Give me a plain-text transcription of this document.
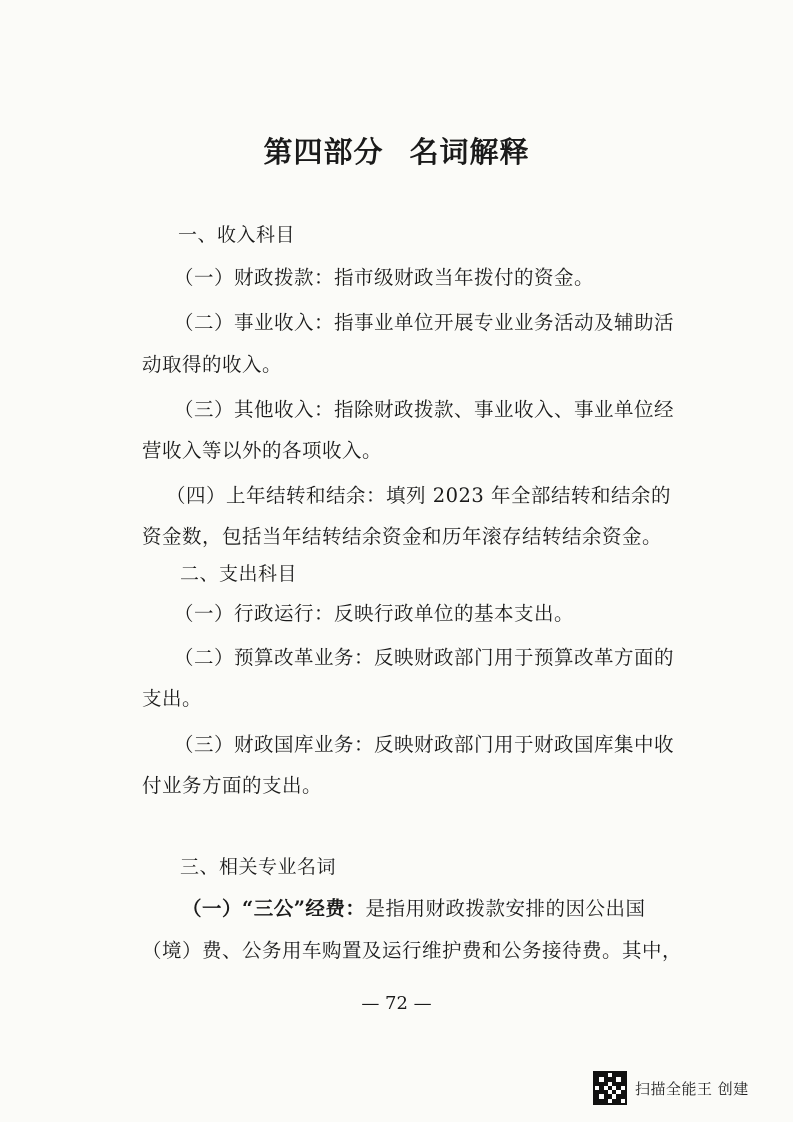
第四部分 名词解释
一、收入科目
（一）财政拨款：指市级财政当年拨付的资金。
（二）事业收入：指事业单位开展专业业务活动及辅助活
动取得的收入。
（三）其他收入：指除财政拨款、事业收入、事业单位经
营收入等以外的各项收入。
（四）上年结转和结余：填列 2023 年全部结转和结余的
资金数，包括当年结转结余资金和历年滚存结转结余资金。
二、支出科目
（一）行政运行：反映行政单位的基本支出。
（二）预算改革业务：反映财政部门用于预算改革方面的
支出。
（三）财政国库业务：反映财政部门用于财政国库集中收
付业务方面的支出。
三、相关专业名词
（一）“三公”经费：是指用财政拨款安排的因公出国
（境）费、公务用车购置及运行维护费和公务接待费。其中，
— 72 —
扫描全能王 创建
